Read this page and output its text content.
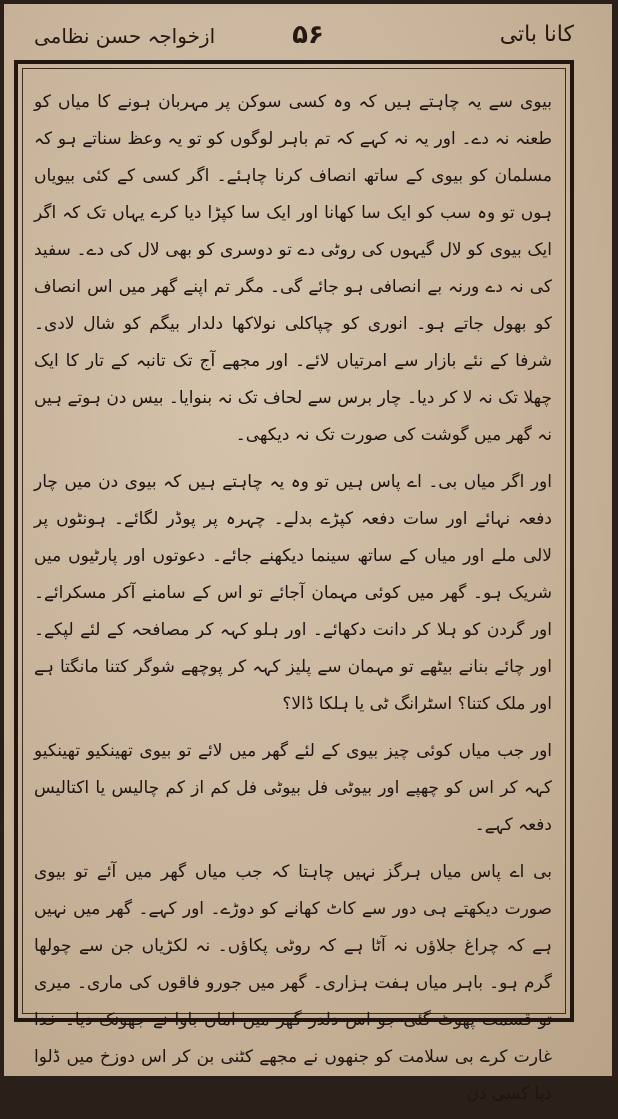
کانا باتی
۵۶
ازخواجہ حسن نظامی

بیوی سے یہ چاہتے ہیں کہ وہ کسی سوکن پر مہربان ہونے کا میاں کو طعنہ نہ دے۔ اور یہ نہ کہے کہ تم باہر لوگوں کو تو یہ وعظ سناتے ہو کہ مسلمان کو بیوی کے ساتھ انصاف کرنا چاہئے۔ اگر کسی کے کئی بیویاں ہوں تو وہ سب کو ایک سا کھانا اور ایک سا کپڑا دیا کرے یہاں تک کہ اگر ایک بیوی کو لال گیہوں کی روٹی دے تو دوسری کو بھی لال کی دے۔ سفید کی نہ دے ورنہ بے انصافی ہو جائے گی۔ مگر تم اپنے گھر میں اس انصاف کو بھول جاتے ہو۔ انوری کو چپاکلی نولاکھا دلدار بیگم کو شال لادی۔ شرفا کے نئے بازار سے امرتیاں لائے۔ اور مجھے آج تک تانبہ کے تار کا ایک چھلا تک نہ لا کر دیا۔ چار برس سے لحاف تک نہ بنوایا۔ بیس دن ہوتے ہیں نہ گھر میں گوشت کی صورت تک نہ دیکھی۔

اور اگر میاں بی۔ اے پاس ہیں تو وہ یہ چاہتے ہیں کہ بیوی دن میں چار دفعہ نہائے اور سات دفعہ کپڑے بدلے۔ چہرہ پر پوڈر لگائے۔ ہونٹوں پر لالی ملے اور میاں کے ساتھ سینما دیکھنے جائے۔ دعوتوں اور پارٹیوں میں شریک ہو۔ گھر میں کوئی مہمان آجائے تو اس کے سامنے آکر مسکرائے۔ اور گردن کو ہلا کر دانت دکھائے۔ اور ہلو کہہ کر مصافحہ کے لئے لپکے۔ اور چائے بنانے بیٹھے تو مہمان سے پلیز کہہ کر پوچھے شوگر کتنا مانگتا ہے اور ملک کتنا؟ اسٹرانگ ٹی یا ہلکا ڈالا؟

اور جب میاں کوئی چیز بیوی کے لئے گھر میں لائے تو بیوی تھینکیو تھینکیو کہہ کر اس کو چھپے اور بیوٹی فل بیوٹی فل کم از کم چالیس یا اکتالیس دفعہ کہے۔

بی اے پاس میاں ہرگز نہیں چاہتا کہ جب میاں گھر میں آئے تو بیوی صورت دیکھتے ہی دور سے کاٹ کھانے کو دوڑے۔ اور کہے۔ گھر میں نہیں ہے کہ چراغ جلاؤں نہ آٹا ہے کہ روٹی پکاؤں۔ نہ لکڑیاں جن سے چولھا گرم ہو۔ باہر میاں ہفت ہزاری۔ گھر میں جورو فاقوں کی ماری۔ میری تو قسمت پھوٹ گئی جو اس دلدر گھر میں اماں باوا نے جھونک دیا۔ خدا غارت کرے بی سلامت کو جنھوں نے مجھے کٹنی بن کر اس دوزخ میں ڈلوا دیا کسی دن
